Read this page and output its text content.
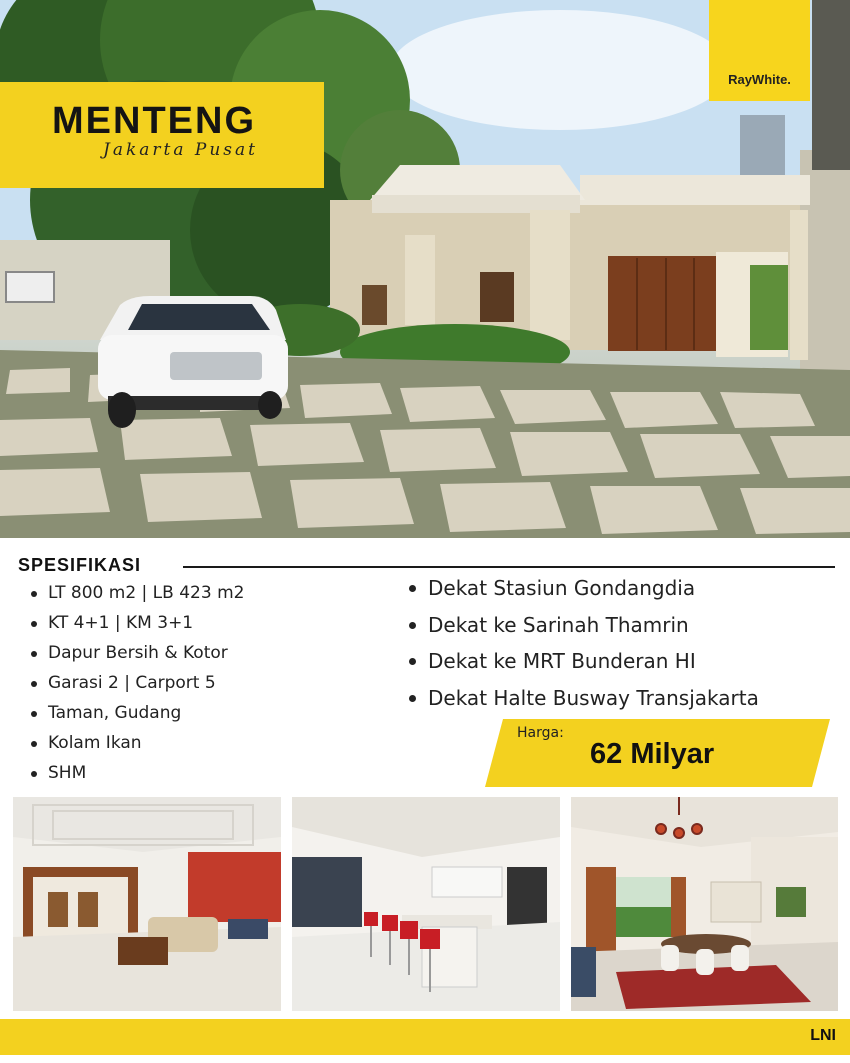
MENTENG
Jakarta Pusat
RayWhite.
SPESIFIKASI
LT 800 m2 | LB 423 m2
KT 4+1 | KM 3+1
Dapur Bersih & Kotor
Garasi 2 | Carport 5
Taman, Gudang
Kolam Ikan
SHM
Dekat Stasiun Gondangdia
Dekat ke Sarinah Thamrin
Dekat ke MRT Bunderan HI
Dekat Halte Busway Transjakarta
Harga:
62 Milyar
LNI
